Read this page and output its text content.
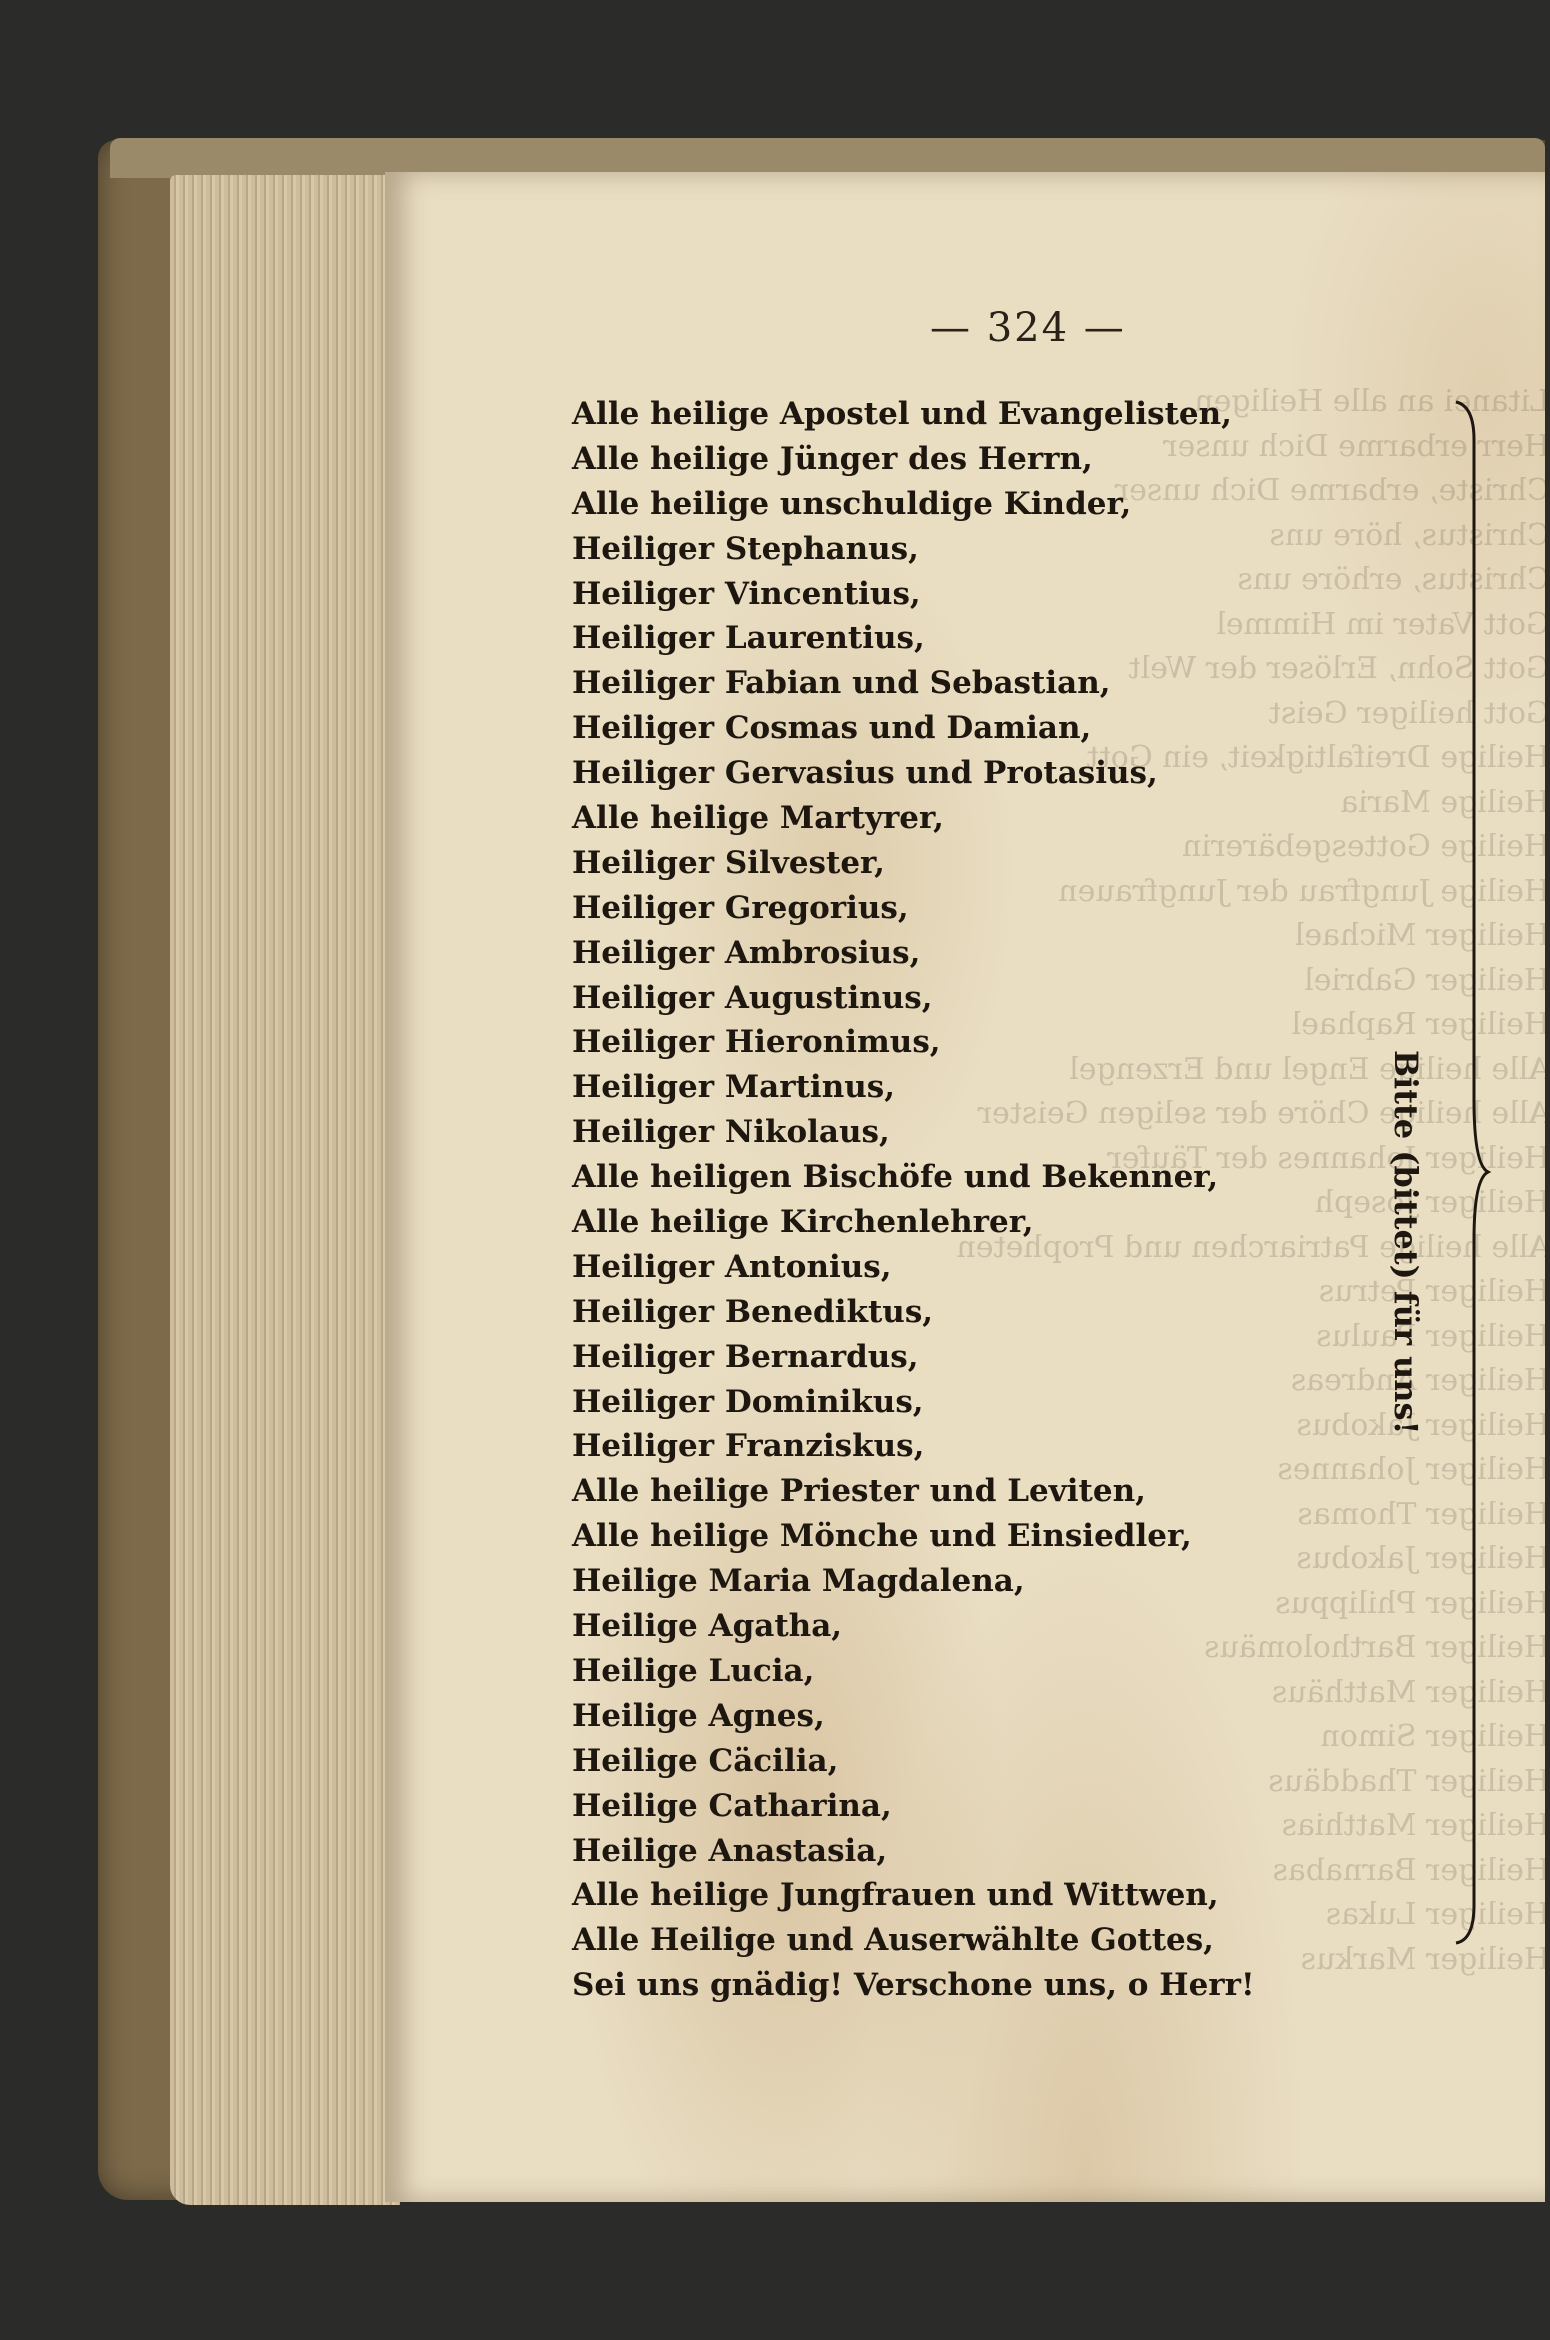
Litanei an alle Heiligen
Herr erbarme Dich unser
Christe, erbarme Dich unser
Christus, höre uns
Christus, erhöre uns
Gott Vater im Himmel
Gott Sohn, Erlöser der Welt
Gott heiliger Geist
Heilige Dreifaltigkeit, ein Gott
Heilige Maria
Heilige Gottesgebärerin
Heilige Jungfrau der Jungfrauen
Heiliger Michael
Heiliger Gabriel
Heiliger Raphael
Alle heilige Engel und Erzengel
Alle heilige Chöre der seligen Geister
Heiliger Johannes der Täufer
Heiliger Joseph
Alle heilige Patriarchen und Propheten
Heiliger Petrus
Heiliger Paulus
Heiliger Andreas
Heiliger Jakobus
Heiliger Johannes
Heiliger Thomas
Heiliger Jakobus
Heiliger Philippus
Heiliger Bartholomäus
Heiliger Matthäus
Heiliger Simon
Heiliger Thaddäus
Heiliger Matthias
Heiliger Barnabas
Heiliger Lukas
Heiliger Markus
— 324 —
Alle heilige Apostel und Evangelisten,
Alle heilige Jünger des Herrn,
Alle heilige unschuldige Kinder,
Heiliger Stephanus,
Heiliger Vincentius,
Heiliger Laurentius,
Heiliger Fabian und Sebastian,
Heiliger Cosmas und Damian,
Heiliger Gervasius und Protasius,
Alle heilige Martyrer,
Heiliger Silvester,
Heiliger Gregorius,
Heiliger Ambrosius,
Heiliger Augustinus,
Heiliger Hieronimus,
Heiliger Martinus,
Heiliger Nikolaus,
Alle heiligen Bischöfe und Bekenner,
Alle heilige Kirchenlehrer,
Heiliger Antonius,
Heiliger Benediktus,
Heiliger Bernardus,
Heiliger Dominikus,
Heiliger Franziskus,
Alle heilige Priester und Leviten,
Alle heilige Mönche und Einsiedler,
Heilige Maria Magdalena,
Heilige Agatha,
Heilige Lucia,
Heilige Agnes,
Heilige Cäcilia,
Heilige Catharina,
Heilige Anastasia,
Alle heilige Jungfrauen und Wittwen,
Alle Heilige und Auserwählte Gottes,
Sei uns gnädig! Verschone uns, o Herr!
Bitte (bittet) für uns!
